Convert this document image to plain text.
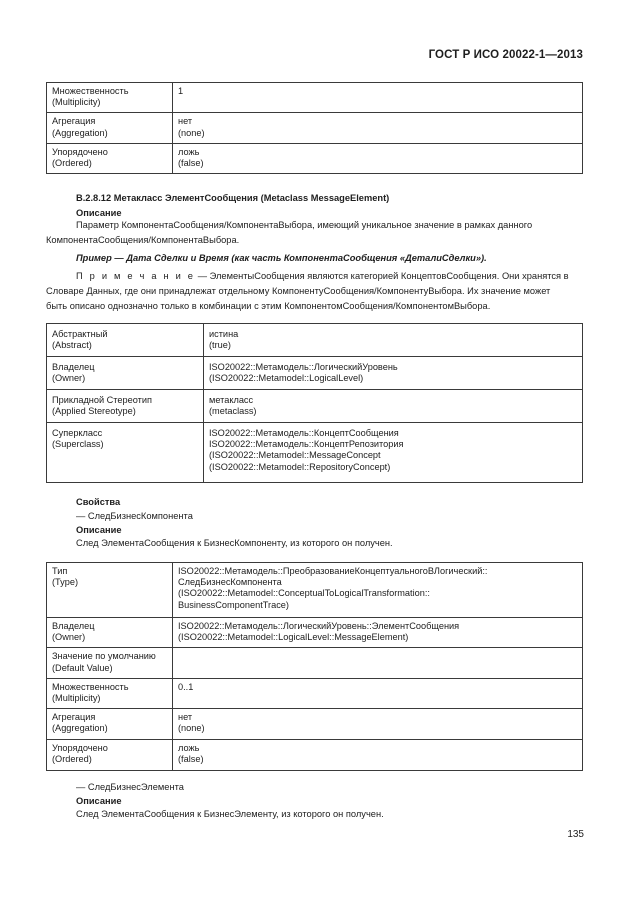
ГОСТ Р ИСО 20022-1—2013
Множественность
(Multiplicity)	1

Агрегация
(Aggregation)	нет
(none)

Упорядочено
(Ordered)	ложь
(false)
В.2.8.12 Метакласс ЭлементСообщения (Metaclass MessageElement)
Описание
Параметр КомпонентаСообщения/КомпонентаВыбора, имеющий уникальное значение в рамках данного
КомпонентаСообщения/КомпонентаВыбора.
Пример — Дата Сделки и Время (как часть КомпонентаСообщения «ДеталиСделки»).
П р и м е ч а н и е — ЭлементыСообщения являются категорией КонцептовСообщения. Они хранятся в
Словаре Данных, где они принадлежат отдельному КомпонентуСообщения/КомпонентуВыбора. Их значение может
быть описано однозначно только в комбинации с этим КомпонентомСообщения/КомпонентомВыбора.
Абстрактный
(Abstract)	истина
(true)

Владелец
(Owner)	ISO20022::Метамодель::ЛогическийУровень
(ISO20022::Metamodel::LogicalLevel)

Прикладной Стереотип
(Applied Stereotype)	метакласс
(metaclass)

Суперкласс
(Superclass)	ISO20022::Метамодель::КонцептСообщения
ISO20022::Метамодель::КонцептРепозитория
(ISO20022::Metamodel::MessageConcept
(ISO20022::Metamodel::RepositoryConcept)
Свойства
— СледБизнесКомпонента
Описание
След ЭлементаСообщения к БизнесКомпоненту, из которого он получен.
Тип
(Type)	ISO20022::Метамодель::ПреобразованиеКонцептуальногоВЛогический::
СледБизнесКомпонента
(ISO20022::Metamodel::ConceptualToLogicalTransformation::
BusinessComponentTrace)

Владелец
(Owner)	ISO20022::Метамодель::ЛогическийУровень::ЭлементСообщения
(ISO20022::Metamodel::LogicalLevel::MessageElement)

Значение по умолчанию
(Default Value)	

Множественность
(Multiplicity)	0..1

Агрегация
(Aggregation)	нет
(none)

Упорядочено
(Ordered)	ложь
(false)
— СледБизнесЭлемента
Описание
След ЭлементаСообщения к БизнесЭлементу, из которого он получен.
135
